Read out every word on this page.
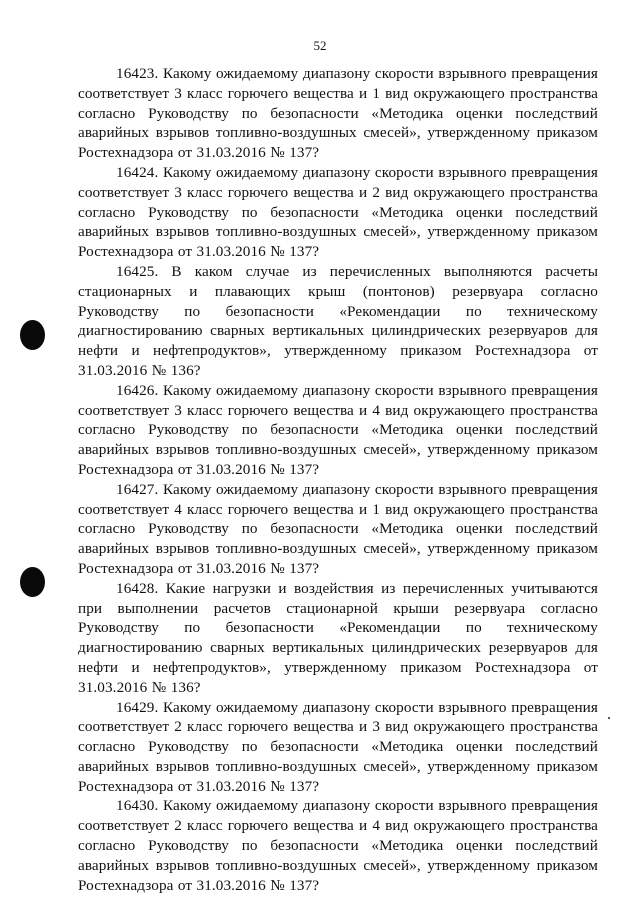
52

16423. Какому ожидаемому диапазону скорости взрывного превращения соответствует 3 класс горючего вещества и 1 вид окружающего пространства согласно Руководству по безопасности «Методика оценки последствий аварийных взрывов топливно-воздушных смесей», утвержденному приказом Ростехнадзора от 31.03.2016 № 137?

16424. Какому ожидаемому диапазону скорости взрывного превращения соответствует 3 класс горючего вещества и 2 вид окружающего пространства согласно Руководству по безопасности «Методика оценки последствий аварийных взрывов топливно-воздушных смесей», утвержденному приказом Ростехнадзора от 31.03.2016 № 137?

16425. В каком случае из перечисленных выполняются расчеты стационарных и плавающих крыш (понтонов) резервуара согласно Руководству по безопасности «Рекомендации по техническому диагностированию сварных вертикальных цилиндрических резервуаров для нефти и нефтепродуктов», утвержденному приказом Ростехнадзора от 31.03.2016 № 136?

16426. Какому ожидаемому диапазону скорости взрывного превращения соответствует 3 класс горючего вещества и 4 вид окружающего пространства согласно Руководству по безопасности «Методика оценки последствий аварийных взрывов топливно-воздушных смесей», утвержденному приказом Ростехнадзора от 31.03.2016 № 137?

16427. Какому ожидаемому диапазону скорости взрывного превращения соответствует 4 класс горючего вещества и 1 вид окружающего пространства согласно Руководству по безопасности «Методика оценки последствий аварийных взрывов топливно-воздушных смесей», утвержденному приказом Ростехнадзора от 31.03.2016 № 137?

16428. Какие нагрузки и воздействия из перечисленных учитываются при выполнении расчетов стационарной крыши резервуара согласно Руководству по безопасности «Рекомендации по техническому диагностированию сварных вертикальных цилиндрических резервуаров для нефти и нефтепродуктов», утвержденному приказом Ростехнадзора от 31.03.2016 № 136?

16429. Какому ожидаемому диапазону скорости взрывного превращения соответствует 2 класс горючего вещества и 3 вид окружающего пространства согласно Руководству по безопасности «Методика оценки последствий аварийных взрывов топливно-воздушных смесей», утвержденному приказом Ростехнадзора от 31.03.2016 № 137?

16430. Какому ожидаемому диапазону скорости взрывного превращения соответствует 2 класс горючего вещества и 4 вид окружающего пространства согласно Руководству по безопасности «Методика оценки последствий аварийных взрывов топливно-воздушных смесей», утвержденному приказом Ростехнадзора от 31.03.2016 № 137?
